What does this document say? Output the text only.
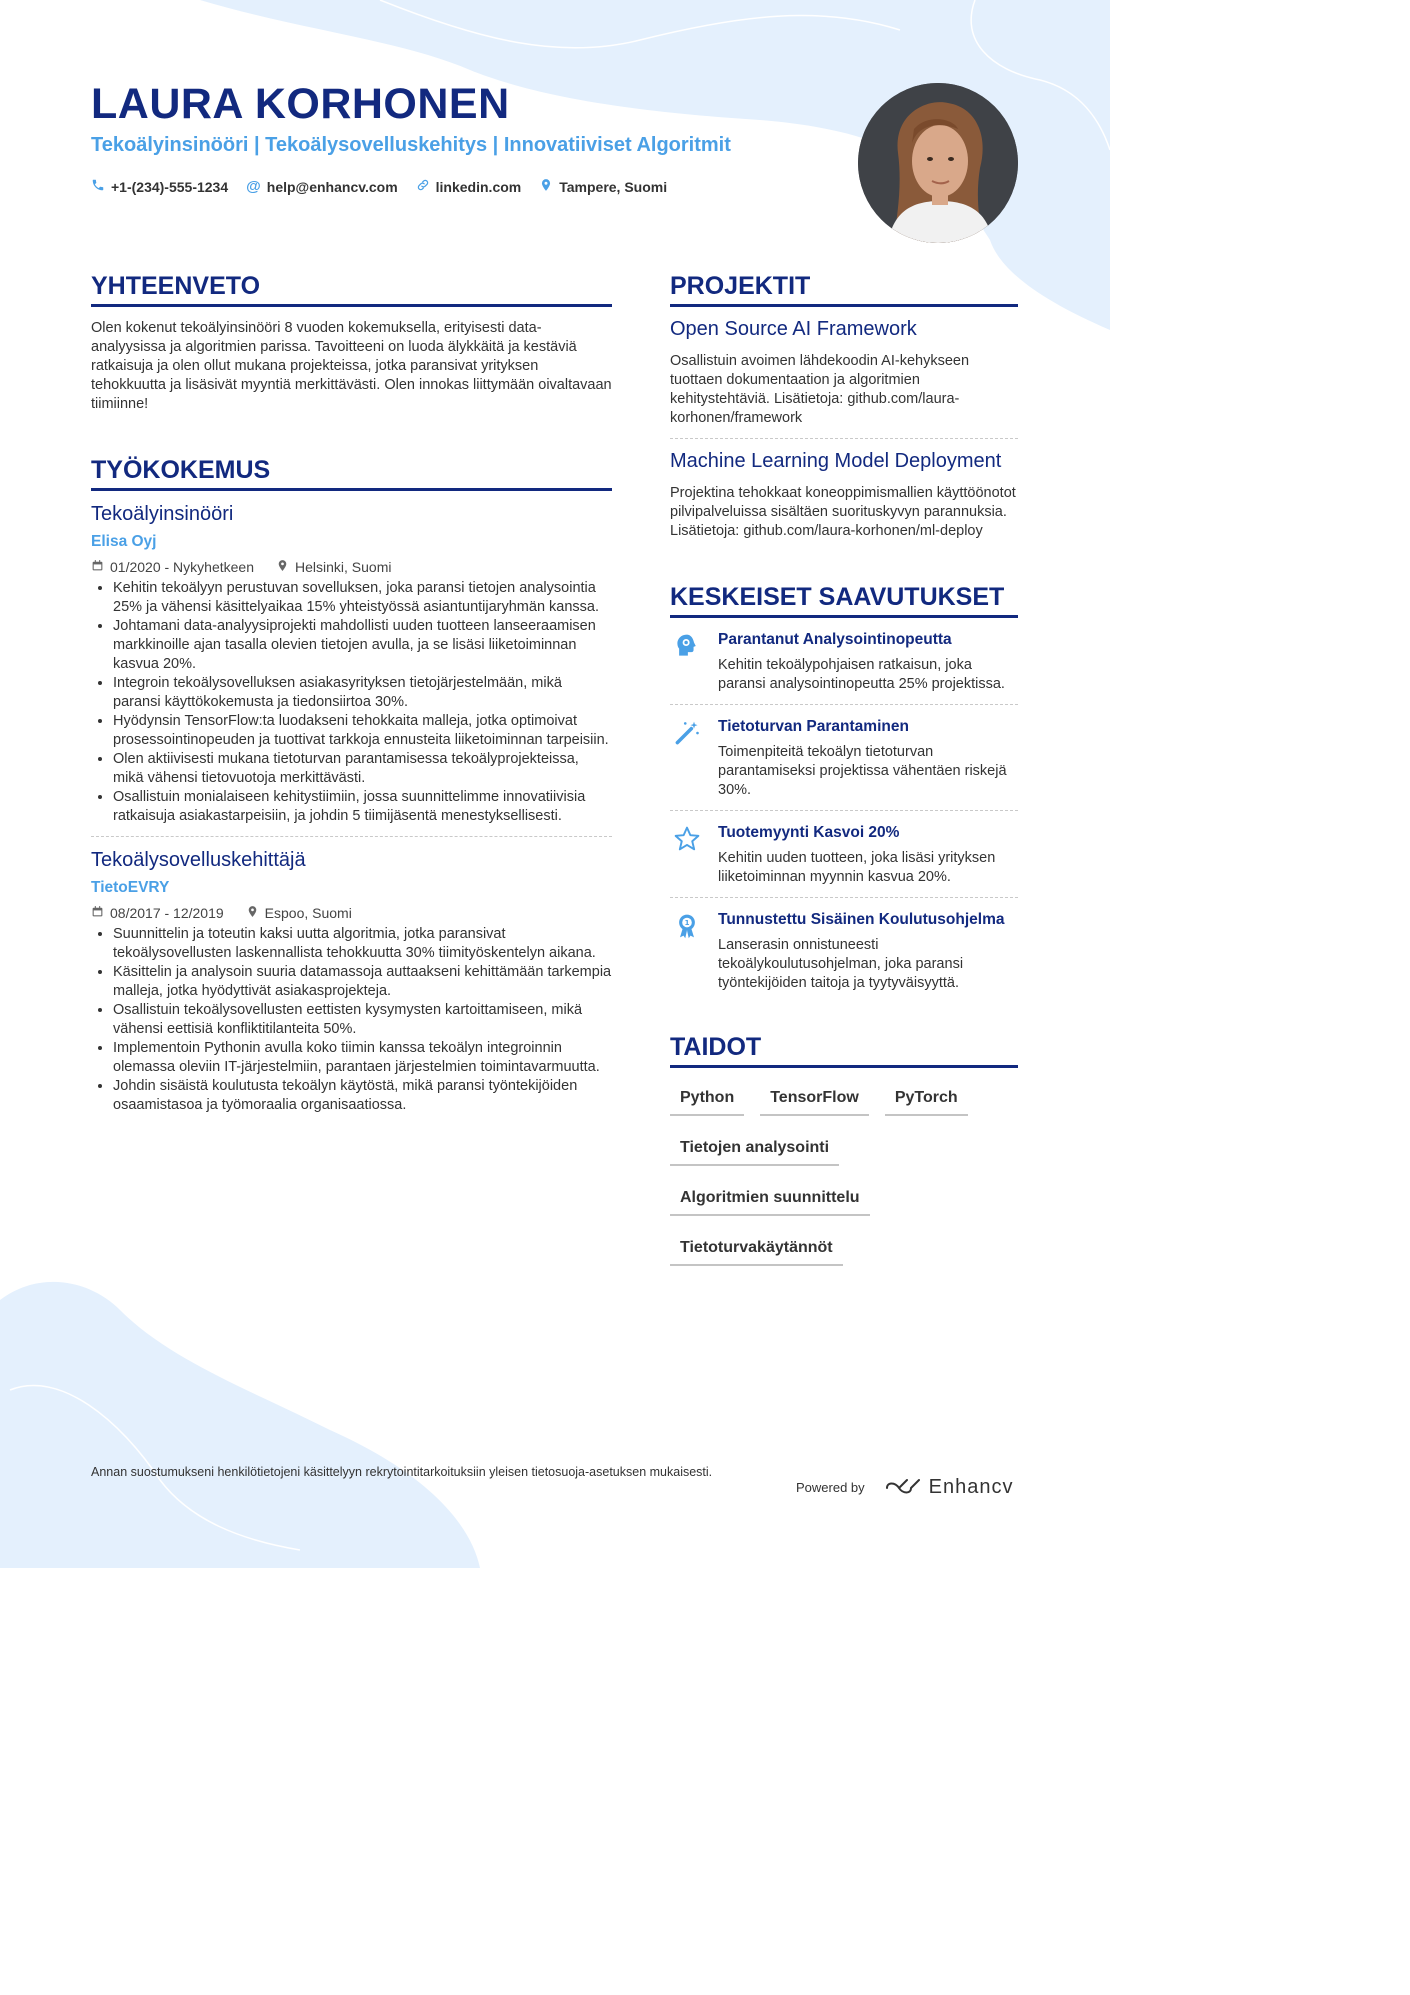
LAURA KORHONEN
Tekoälyinsinööri | Tekoälysovelluskehitys | Innovatiiviset Algoritmit
+1-(234)-555-1234 @ help@enhancv.com	linkedin.com	Tampere, Suomi
YHTEENVETO
Olen kokenut tekoälyinsinööri 8 vuoden kokemuksella, erityisesti data-analyysissa ja algoritmien parissa. Tavoitteeni on luoda älykkäitä ja kestäviä ratkaisuja ja olen ollut mukana projekteissa, jotka paransivat yrityksen tehokkuutta ja lisäsivät myyntiä merkittävästi. Olen innokas liittymään oivaltavaan tiimiinne!
TYÖKOKEMUS
Tekoälyinsinööri
Elisa Oyj
01/2020 - Nykyhetkeen	Helsinki, Suomi
• Kehitin tekoälyyn perustuvan sovelluksen, joka paransi tietojen analysointia 25% ja vähensi käsittelyaikaa 15% yhteistyössä asiantuntijaryhmän kanssa.
• Johtamani data-analyysiprojekti mahdollisti uuden tuotteen lanseeraamisen markkinoille ajan tasalla olevien tietojen avulla, ja se lisäsi liiketoiminnan kasvua 20%.
• Integroin tekoälysovelluksen asiakasyrityksen tietojärjestelmään, mikä paransi käyttökokemusta ja tiedonsiirtoa 30%.
• Hyödynsin TensorFlow:ta luodakseni tehokkaita malleja, jotka optimoivat prosessointinopeuden ja tuottivat tarkkoja ennusteita liiketoiminnan tarpeisiin.
• Olen aktiivisesti mukana tietoturvan parantamisessa tekoälyprojekteissa, mikä vähensi tietovuotoja merkittävästi.
• Osallistuin monialaiseen kehitystiimiin, jossa suunnittelimme innovatiivisia ratkaisuja asiakastarpeisiin, ja johdin 5 tiimijäsentä menestyksellisesti.
Tekoälysovelluskehittäjä
TietoEVRY
08/2017 - 12/2019	Espoo, Suomi
• Suunnittelin ja toteutin kaksi uutta algoritmia, jotka paransivat tekoälysovellusten laskennallista tehokkuutta 30% tiimityöskentelyn aikana.
• Käsittelin ja analysoin suuria datamassoja auttaakseni kehittämään tarkempia malleja, jotka hyödyttivät asiakasprojekteja.
• Osallistuin tekoälysovellusten eettisten kysymysten kartoittamiseen, mikä vähensi eettisiä konfliktitilanteita 50%.
• Implementoin Pythonin avulla koko tiimin kanssa tekoälyn integroinnin olemassa oleviin IT-järjestelmiin, parantaen järjestelmien toimintavarmuutta.
• Johdin sisäistä koulutusta tekoälyn käytöstä, mikä paransi työntekijöiden osaamistasoa ja työmoraalia organisaatiossa.
PROJEKTIT
Open Source AI Framework
Osallistuin avoimen lähdekoodin AI-kehykseen tuottaen dokumentaation ja algoritmien kehitystehtäviä. Lisätietoja: github.com/laura-korhonen/framework
Machine Learning Model Deployment
Projektina tehokkaat koneoppimismallien käyttöönotot pilvipalveluissa sisältäen suorituskyvyn parannuksia. Lisätietoja: github.com/laura-korhonen/ml-deploy
KESKEISET SAAVUTUKSET
Parantanut Analysointinopeutta
Kehitin tekoälypohjaisen ratkaisun, joka paransi analysointinopeutta 25% projektissa.
Tietoturvan Parantaminen
Toimenpiteitä tekoälyn tietoturvan parantamiseksi projektissa vähentäen riskejä 30%.
Tuotemyynti Kasvoi 20%
Kehitin uuden tuotteen, joka lisäsi yrityksen liiketoiminnan myynnin kasvua 20%.
1 Tunnustettu Sisäinen Koulutusohjelma
Lanserasin onnistuneesti tekoälykoulutusohjelman, joka paransi työntekijöiden taitoja ja tyytyväisyyttä.
TAIDOT
Python	TensorFlow	PyTorch
Tietojen analysointi
Algoritmien suunnittelu
Tietoturvakäytännöt
Annan suostumukseni henkilötietojeni käsittelyyn rekrytointitarkoituksiin yleisen tietosuoja-asetuksen mukaisesti.
Powered by	Enhancv
